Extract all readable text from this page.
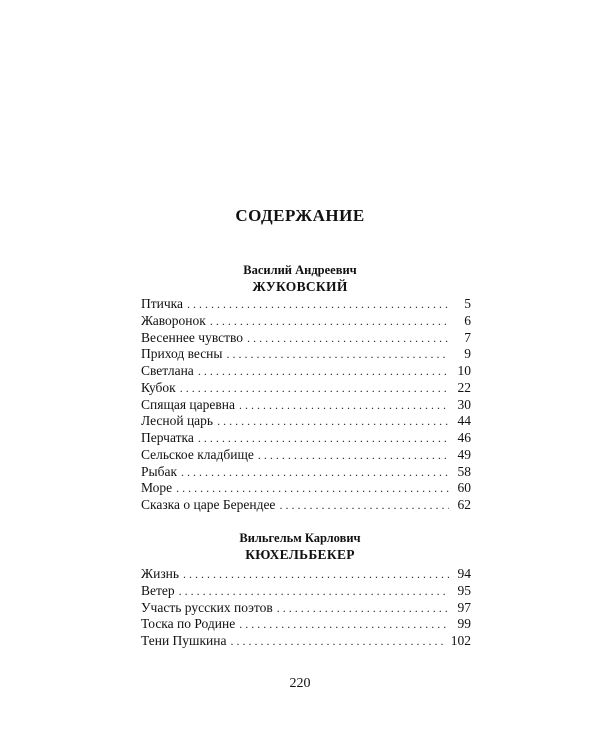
СОДЕРЖАНИЕ
Василий Андреевич
ЖУКОВСКИЙ
Птичка . . .	5
Жаворонок . . .	6
Весеннее чувство . . .	7
Приход весны . . .	9
Светлана . . .	10
Кубок . . .	22
Спящая царевна . . .	30
Лесной царь . . .	44
Перчатка . . .	46
Сельское кладбище . . .	49
Рыбак . . .	58
Море . . .	60
Сказка о царе Берендее . . .	62
Вильгельм Карлович
КЮХЕЛЬБЕКЕР
Жизнь . . .	94
Ветер . . .	95
Участь русских поэтов . . .	97
Тоска по Родине . . .	99
Тени Пушкина . . .	102
220
